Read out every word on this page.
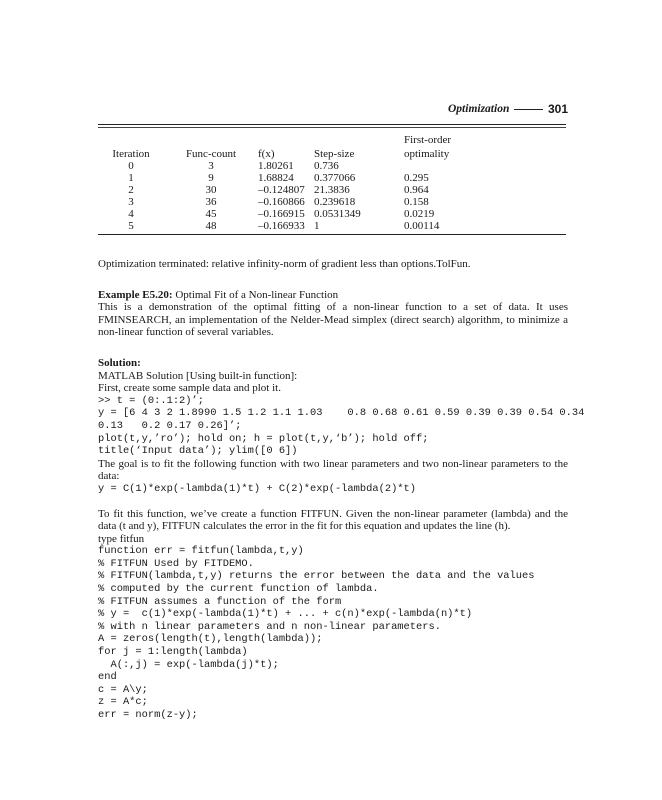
Optimization	301
				First-order
Iteration	Func-count	f(x)	Step-size	optimality
0	3	1.80261	0.736	
1	9	1.68824	0.377066	0.295
2	30	–0.124807	21.3836	0.964
3	36	–0.160866	0.239618	0.158
4	45	–0.166915	0.0531349	0.0219
5	48	–0.166933	1	0.00114

Optimization terminated: relative infinity-norm of gradient less than options.TolFun.

Example E5.20: Optimal Fit of a Non-linear Function

This is a demonstration of the optimal fitting of a non-linear function to a set of data. It uses FMINSEARCH, an implementation of the Nelder-Mead simplex (direct search) algorithm, to minimize a non-linear function of several variables.

Solution:

MATLAB Solution [Using built-in function]:

First, create some sample data and plot it.

>> t = (0:.1:2)’;
y = [6 4 3 2 1.8990 1.5 1.2 1.1 1.03    0.8 0.68 0.61 0.59 0.39 0.39 0.54 0.34
0.13   0.2 0.17 0.26]’;
plot(t,y,’ro’); hold on; h = plot(t,y,‘b’); hold off;
title(‘Input data’); ylim([0 6])

The goal is to fit the following function with two linear parameters and two non-linear parameters to the data:

y = C(1)*exp(-lambda(1)*t) + C(2)*exp(-lambda(2)*t)

To fit this function, we’ve create a function FITFUN. Given the non-linear parameter (lambda) and the data (t and y), FITFUN calculates the error in the fit for this equation and updates the line (h).

type fitfun

function err = fitfun(lambda,t,y)
% FITFUN Used by FITDEMO.
% FITFUN(lambda,t,y) returns the error between the data and the values
% computed by the current function of lambda.
% FITFUN assumes a function of the form
% y =  c(1)*exp(-lambda(1)*t) + ... + c(n)*exp(-lambda(n)*t)
% with n linear parameters and n non-linear parameters.
A = zeros(length(t),length(lambda));
for j = 1:length(lambda)
A(:,j) = exp(-lambda(j)*t);
end
c = A\y;
z = A*c;
err = norm(z-y);
